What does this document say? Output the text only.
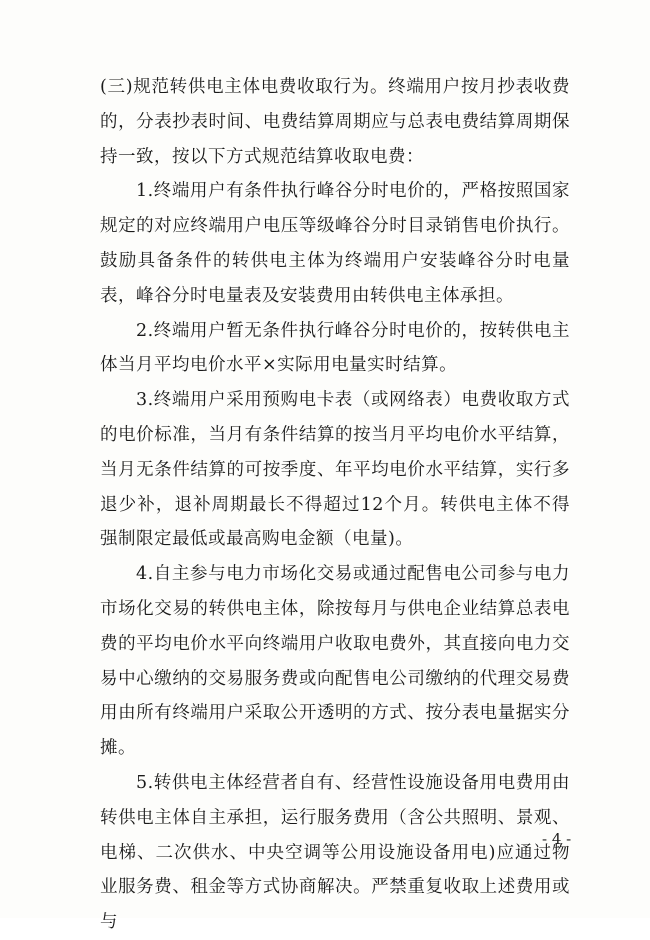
(三)规范转供电主体电费收取行为。终端用户按月抄表收费的，分表抄表时间、电费结算周期应与总表电费结算周期保持一致，按以下方式规范结算收取电费：

1.终端用户有条件执行峰谷分时电价的，严格按照国家规定的对应终端用户电压等级峰谷分时目录销售电价执行。鼓励具备条件的转供电主体为终端用户安装峰谷分时电量表，峰谷分时电量表及安装费用由转供电主体承担。

2.终端用户暂无条件执行峰谷分时电价的，按转供电主体当月平均电价水平×实际用电量实时结算。

3.终端用户采用预购电卡表（或网络表）电费收取方式的电价标准，当月有条件结算的按当月平均电价水平结算，当月无条件结算的可按季度、年平均电价水平结算，实行多退少补，退补周期最长不得超过12个月。转供电主体不得强制限定最低或最高购电金额（电量)。

4.自主参与电力市场化交易或通过配售电公司参与电力市场化交易的转供电主体，除按每月与供电企业结算总表电费的平均电价水平向终端用户收取电费外，其直接向电力交易中心缴纳的交易服务费或向配售电公司缴纳的代理交易费用由所有终端用户采取公开透明的方式、按分表电量据实分摊。

5.转供电主体经营者自有、经营性设施设备用电费用由转供电主体自主承担，运行服务费用（含公共照明、景观、电梯、二次供水、中央空调等公用设施设备用电)应通过物业服务费、租金等方式协商解决。严禁重复收取上述费用或与

- 4 -
